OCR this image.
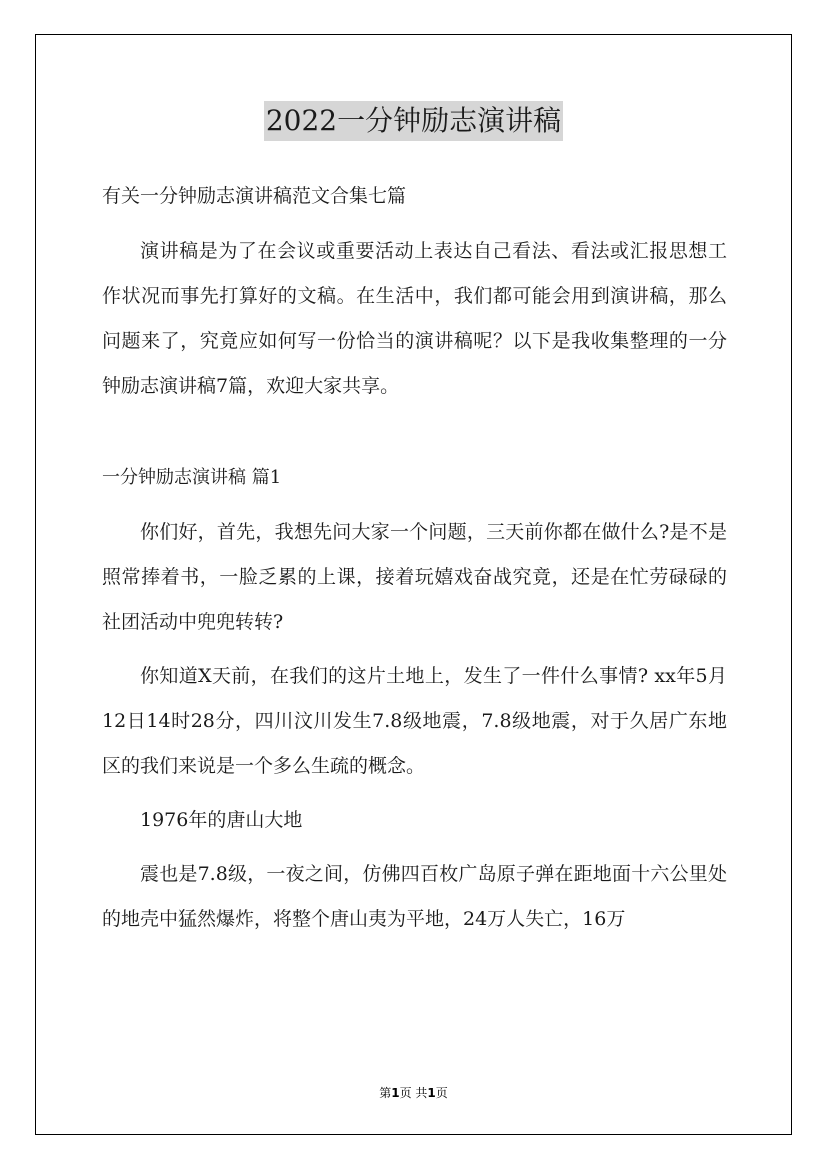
2022一分钟励志演讲稿
有关一分钟励志演讲稿范文合集七篇
演讲稿是为了在会议或重要活动上表达自己看法、看法或汇报思想工作状况而事先打算好的文稿。在生活中，我们都可能会用到演讲稿，那么问题来了，究竟应如何写一份恰当的演讲稿呢？以下是我收集整理的一分钟励志演讲稿7篇，欢迎大家共享。
一分钟励志演讲稿 篇1
你们好，首先，我想先问大家一个问题，三天前你都在做什么?是不是照常捧着书，一脸乏累的上课，接着玩嬉戏奋战究竟，还是在忙劳碌碌的社团活动中兜兜转转?
你知道X天前，在我们的这片土地上，发生了一件什么事情? xx年5月12日14时28分，四川汶川发生7.8级地震，7.8级地震，对于久居广东地区的我们来说是一个多么生疏的概念。
1976年的唐山大地
震也是7.8级，一夜之间，仿佛四百枚广岛原子弹在距地面十六公里处的地壳中猛然爆炸，将整个唐山夷为平地，24万人失亡，16万
第1页 共1页
